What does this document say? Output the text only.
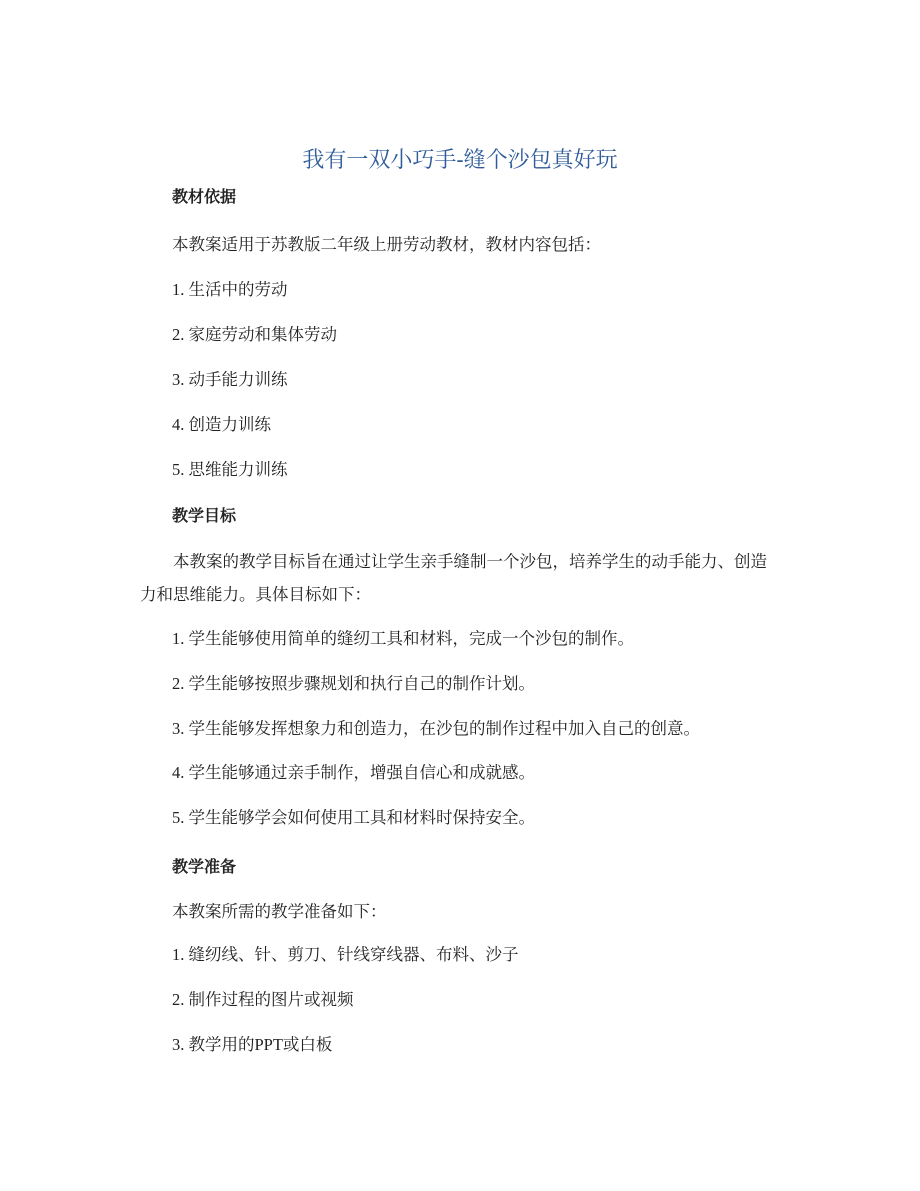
我有一双小巧手-缝个沙包真好玩

教材依据

本教案适用于苏教版二年级上册劳动教材，教材内容包括：

1. 生活中的劳动

2. 家庭劳动和集体劳动

3. 动手能力训练

4. 创造力训练

5. 思维能力训练

教学目标

本教案的教学目标旨在通过让学生亲手缝制一个沙包，培养学生的动手能力、创造力和思维能力。具体目标如下：

1. 学生能够使用简单的缝纫工具和材料，完成一个沙包的制作。

2. 学生能够按照步骤规划和执行自己的制作计划。

3. 学生能够发挥想象力和创造力，在沙包的制作过程中加入自己的创意。

4. 学生能够通过亲手制作，增强自信心和成就感。

5. 学生能够学会如何使用工具和材料时保持安全。

教学准备

本教案所需的教学准备如下：

1. 缝纫线、针、剪刀、针线穿线器、布料、沙子

2. 制作过程的图片或视频

3. 教学用的PPT或白板
